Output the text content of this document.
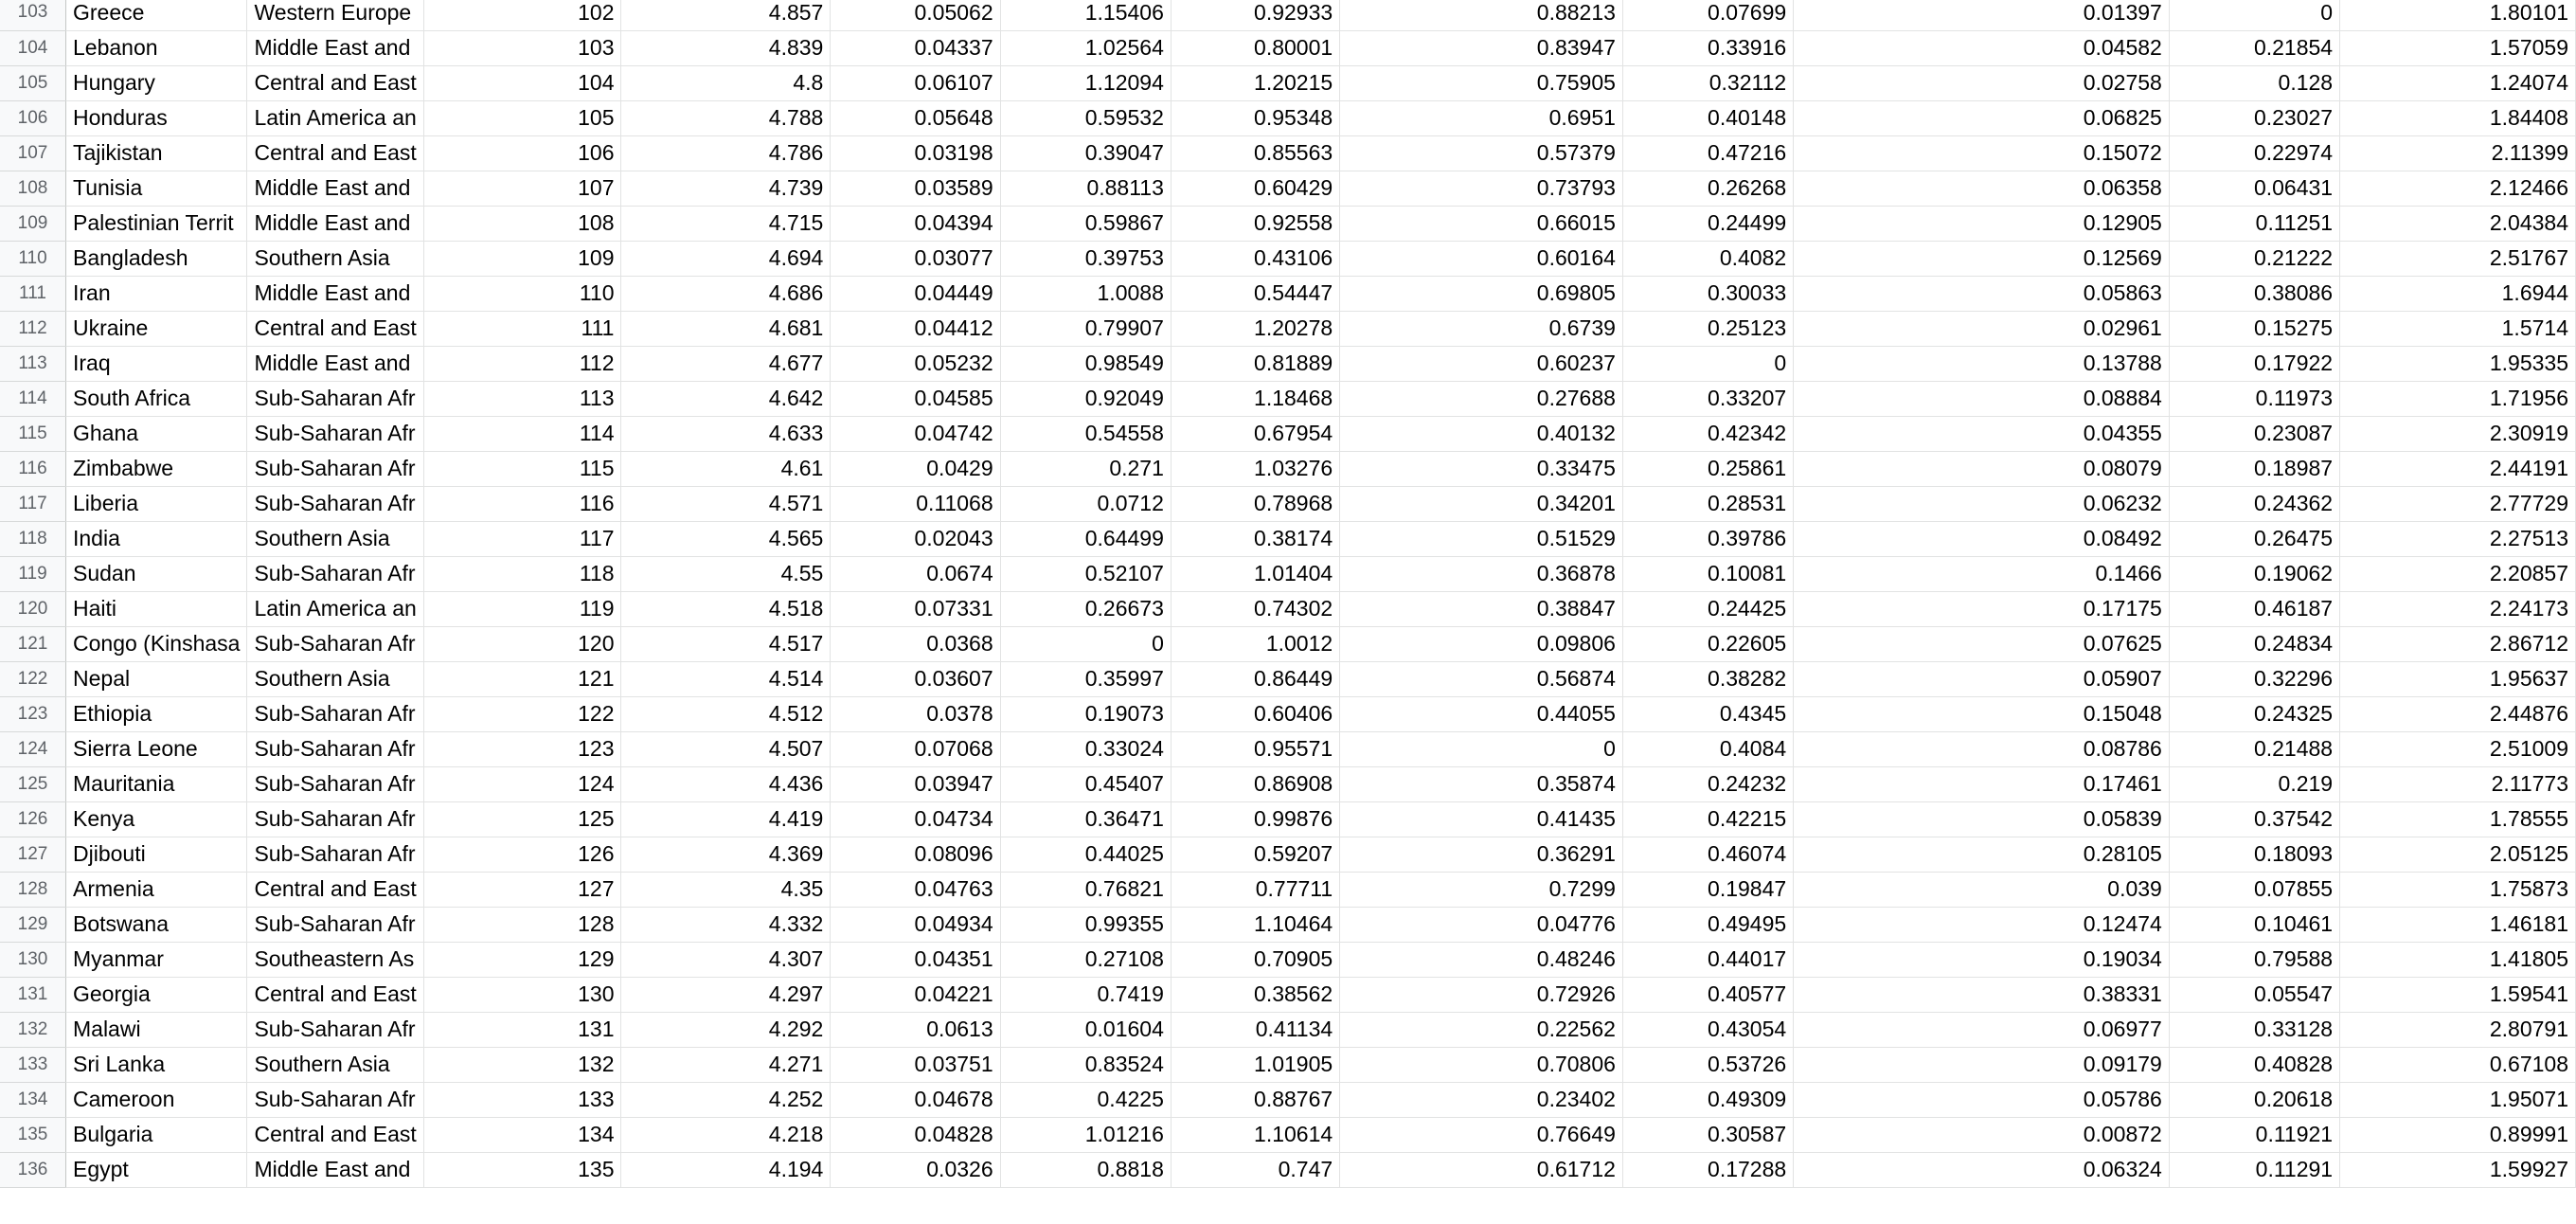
103	Greece	Western Europe	102	4.857	0.05062	1.15406	0.92933	0.88213	0.07699	0.01397	0	1.80101
104	Lebanon	Middle East and	103	4.839	0.04337	1.02564	0.80001	0.83947	0.33916	0.04582	0.21854	1.57059
105	Hungary	Central and East	104	4.8	0.06107	1.12094	1.20215	0.75905	0.32112	0.02758	0.128	1.24074
106	Honduras	Latin America an	105	4.788	0.05648	0.59532	0.95348	0.6951	0.40148	0.06825	0.23027	1.84408
107	Tajikistan	Central and East	106	4.786	0.03198	0.39047	0.85563	0.57379	0.47216	0.15072	0.22974	2.11399
108	Tunisia	Middle East and	107	4.739	0.03589	0.88113	0.60429	0.73793	0.26268	0.06358	0.06431	2.12466
109	Palestinian Territ	Middle East and	108	4.715	0.04394	0.59867	0.92558	0.66015	0.24499	0.12905	0.11251	2.04384
110	Bangladesh	Southern Asia	109	4.694	0.03077	0.39753	0.43106	0.60164	0.4082	0.12569	0.21222	2.51767
111	Iran	Middle East and	110	4.686	0.04449	1.0088	0.54447	0.69805	0.30033	0.05863	0.38086	1.6944
112	Ukraine	Central and East	111	4.681	0.04412	0.79907	1.20278	0.6739	0.25123	0.02961	0.15275	1.5714
113	Iraq	Middle East and	112	4.677	0.05232	0.98549	0.81889	0.60237	0	0.13788	0.17922	1.95335
114	South Africa	Sub-Saharan Afr	113	4.642	0.04585	0.92049	1.18468	0.27688	0.33207	0.08884	0.11973	1.71956
115	Ghana	Sub-Saharan Afr	114	4.633	0.04742	0.54558	0.67954	0.40132	0.42342	0.04355	0.23087	2.30919
116	Zimbabwe	Sub-Saharan Afr	115	4.61	0.0429	0.271	1.03276	0.33475	0.25861	0.08079	0.18987	2.44191
117	Liberia	Sub-Saharan Afr	116	4.571	0.11068	0.0712	0.78968	0.34201	0.28531	0.06232	0.24362	2.77729
118	India	Southern Asia	117	4.565	0.02043	0.64499	0.38174	0.51529	0.39786	0.08492	0.26475	2.27513
119	Sudan	Sub-Saharan Afr	118	4.55	0.0674	0.52107	1.01404	0.36878	0.10081	0.1466	0.19062	2.20857
120	Haiti	Latin America an	119	4.518	0.07331	0.26673	0.74302	0.38847	0.24425	0.17175	0.46187	2.24173
121	Congo (Kinshasa	Sub-Saharan Afr	120	4.517	0.0368	0	1.0012	0.09806	0.22605	0.07625	0.24834	2.86712
122	Nepal	Southern Asia	121	4.514	0.03607	0.35997	0.86449	0.56874	0.38282	0.05907	0.32296	1.95637
123	Ethiopia	Sub-Saharan Afr	122	4.512	0.0378	0.19073	0.60406	0.44055	0.4345	0.15048	0.24325	2.44876
124	Sierra Leone	Sub-Saharan Afr	123	4.507	0.07068	0.33024	0.95571	0	0.4084	0.08786	0.21488	2.51009
125	Mauritania	Sub-Saharan Afr	124	4.436	0.03947	0.45407	0.86908	0.35874	0.24232	0.17461	0.219	2.11773
126	Kenya	Sub-Saharan Afr	125	4.419	0.04734	0.36471	0.99876	0.41435	0.42215	0.05839	0.37542	1.78555
127	Djibouti	Sub-Saharan Afr	126	4.369	0.08096	0.44025	0.59207	0.36291	0.46074	0.28105	0.18093	2.05125
128	Armenia	Central and East	127	4.35	0.04763	0.76821	0.77711	0.7299	0.19847	0.039	0.07855	1.75873
129	Botswana	Sub-Saharan Afr	128	4.332	0.04934	0.99355	1.10464	0.04776	0.49495	0.12474	0.10461	1.46181
130	Myanmar	Southeastern As	129	4.307	0.04351	0.27108	0.70905	0.48246	0.44017	0.19034	0.79588	1.41805
131	Georgia	Central and East	130	4.297	0.04221	0.7419	0.38562	0.72926	0.40577	0.38331	0.05547	1.59541
132	Malawi	Sub-Saharan Afr	131	4.292	0.0613	0.01604	0.41134	0.22562	0.43054	0.06977	0.33128	2.80791
133	Sri Lanka	Southern Asia	132	4.271	0.03751	0.83524	1.01905	0.70806	0.53726	0.09179	0.40828	0.67108
134	Cameroon	Sub-Saharan Afr	133	4.252	0.04678	0.4225	0.88767	0.23402	0.49309	0.05786	0.20618	1.95071
135	Bulgaria	Central and East	134	4.218	0.04828	1.01216	1.10614	0.76649	0.30587	0.00872	0.11921	0.89991
136	Egypt	Middle East and	135	4.194	0.0326	0.8818	0.747	0.61712	0.17288	0.06324	0.11291	1.59927
